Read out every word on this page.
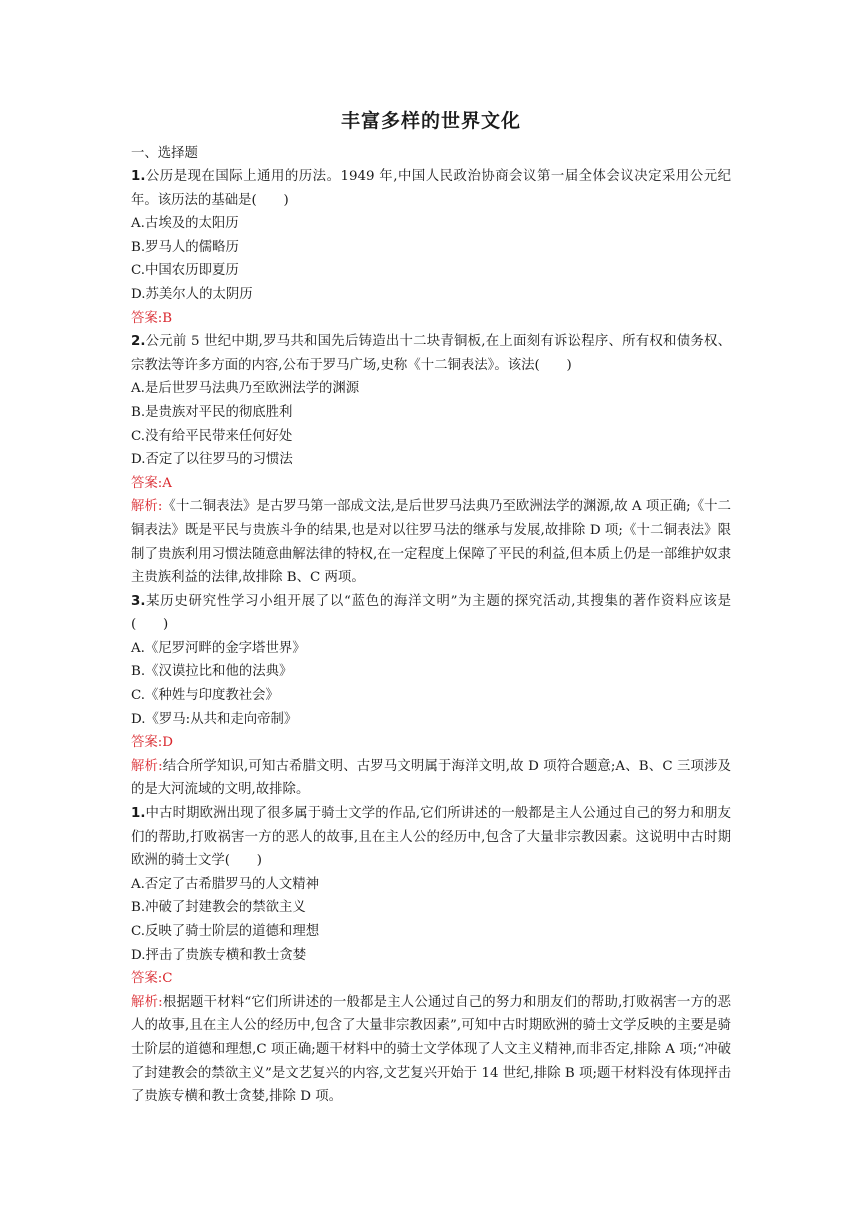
丰富多样的世界文化
一、选择题
1.公历是现在国际上通用的历法。1949 年,中国人民政治协商会议第一届全体会议决定采用公元纪年。该历法的基础是(　　)
A.古埃及的太阳历
B.罗马人的儒略历
C.中国农历即夏历
D.苏美尔人的太阴历
答案:B
2.公元前 5 世纪中期,罗马共和国先后铸造出十二块青铜板,在上面刻有诉讼程序、所有权和债务权、宗教法等许多方面的内容,公布于罗马广场,史称《十二铜表法》。该法(　　)
A.是后世罗马法典乃至欧洲法学的渊源
B.是贵族对平民的彻底胜利
C.没有给平民带来任何好处
D.否定了以往罗马的习惯法
答案:A
解析:《十二铜表法》是古罗马第一部成文法,是后世罗马法典乃至欧洲法学的渊源,故 A 项正确;《十二铜表法》既是平民与贵族斗争的结果,也是对以往罗马法的继承与发展,故排除 D 项;《十二铜表法》限制了贵族利用习惯法随意曲解法律的特权,在一定程度上保障了平民的利益,但本质上仍是一部维护奴隶主贵族利益的法律,故排除 B、C 两项。
3.某历史研究性学习小组开展了以“蓝色的海洋文明”为主题的探究活动,其搜集的著作资料应该是(　　)
A.《尼罗河畔的金字塔世界》
B.《汉谟拉比和他的法典》
C.《种姓与印度教社会》
D.《罗马:从共和走向帝制》
答案:D
解析:结合所学知识,可知古希腊文明、古罗马文明属于海洋文明,故 D 项符合题意;A、B、C 三项涉及的是大河流域的文明,故排除。
1.中古时期欧洲出现了很多属于骑士文学的作品,它们所讲述的一般都是主人公通过自己的努力和朋友们的帮助,打败祸害一方的恶人的故事,且在主人公的经历中,包含了大量非宗教因素。这说明中古时期欧洲的骑士文学(　　)
A.否定了古希腊罗马的人文精神
B.冲破了封建教会的禁欲主义
C.反映了骑士阶层的道德和理想
D.抨击了贵族专横和教士贪婪
答案:C
解析:根据题干材料“它们所讲述的一般都是主人公通过自己的努力和朋友们的帮助,打败祸害一方的恶人的故事,且在主人公的经历中,包含了大量非宗教因素”,可知中古时期欧洲的骑士文学反映的主要是骑士阶层的道德和理想,C 项正确;题干材料中的骑士文学体现了人文主义精神,而非否定,排除 A 项;“冲破了封建教会的禁欲主义”是文艺复兴的内容,文艺复兴开始于 14 世纪,排除 B 项;题干材料没有体现抨击了贵族专横和教士贪婪,排除 D 项。
